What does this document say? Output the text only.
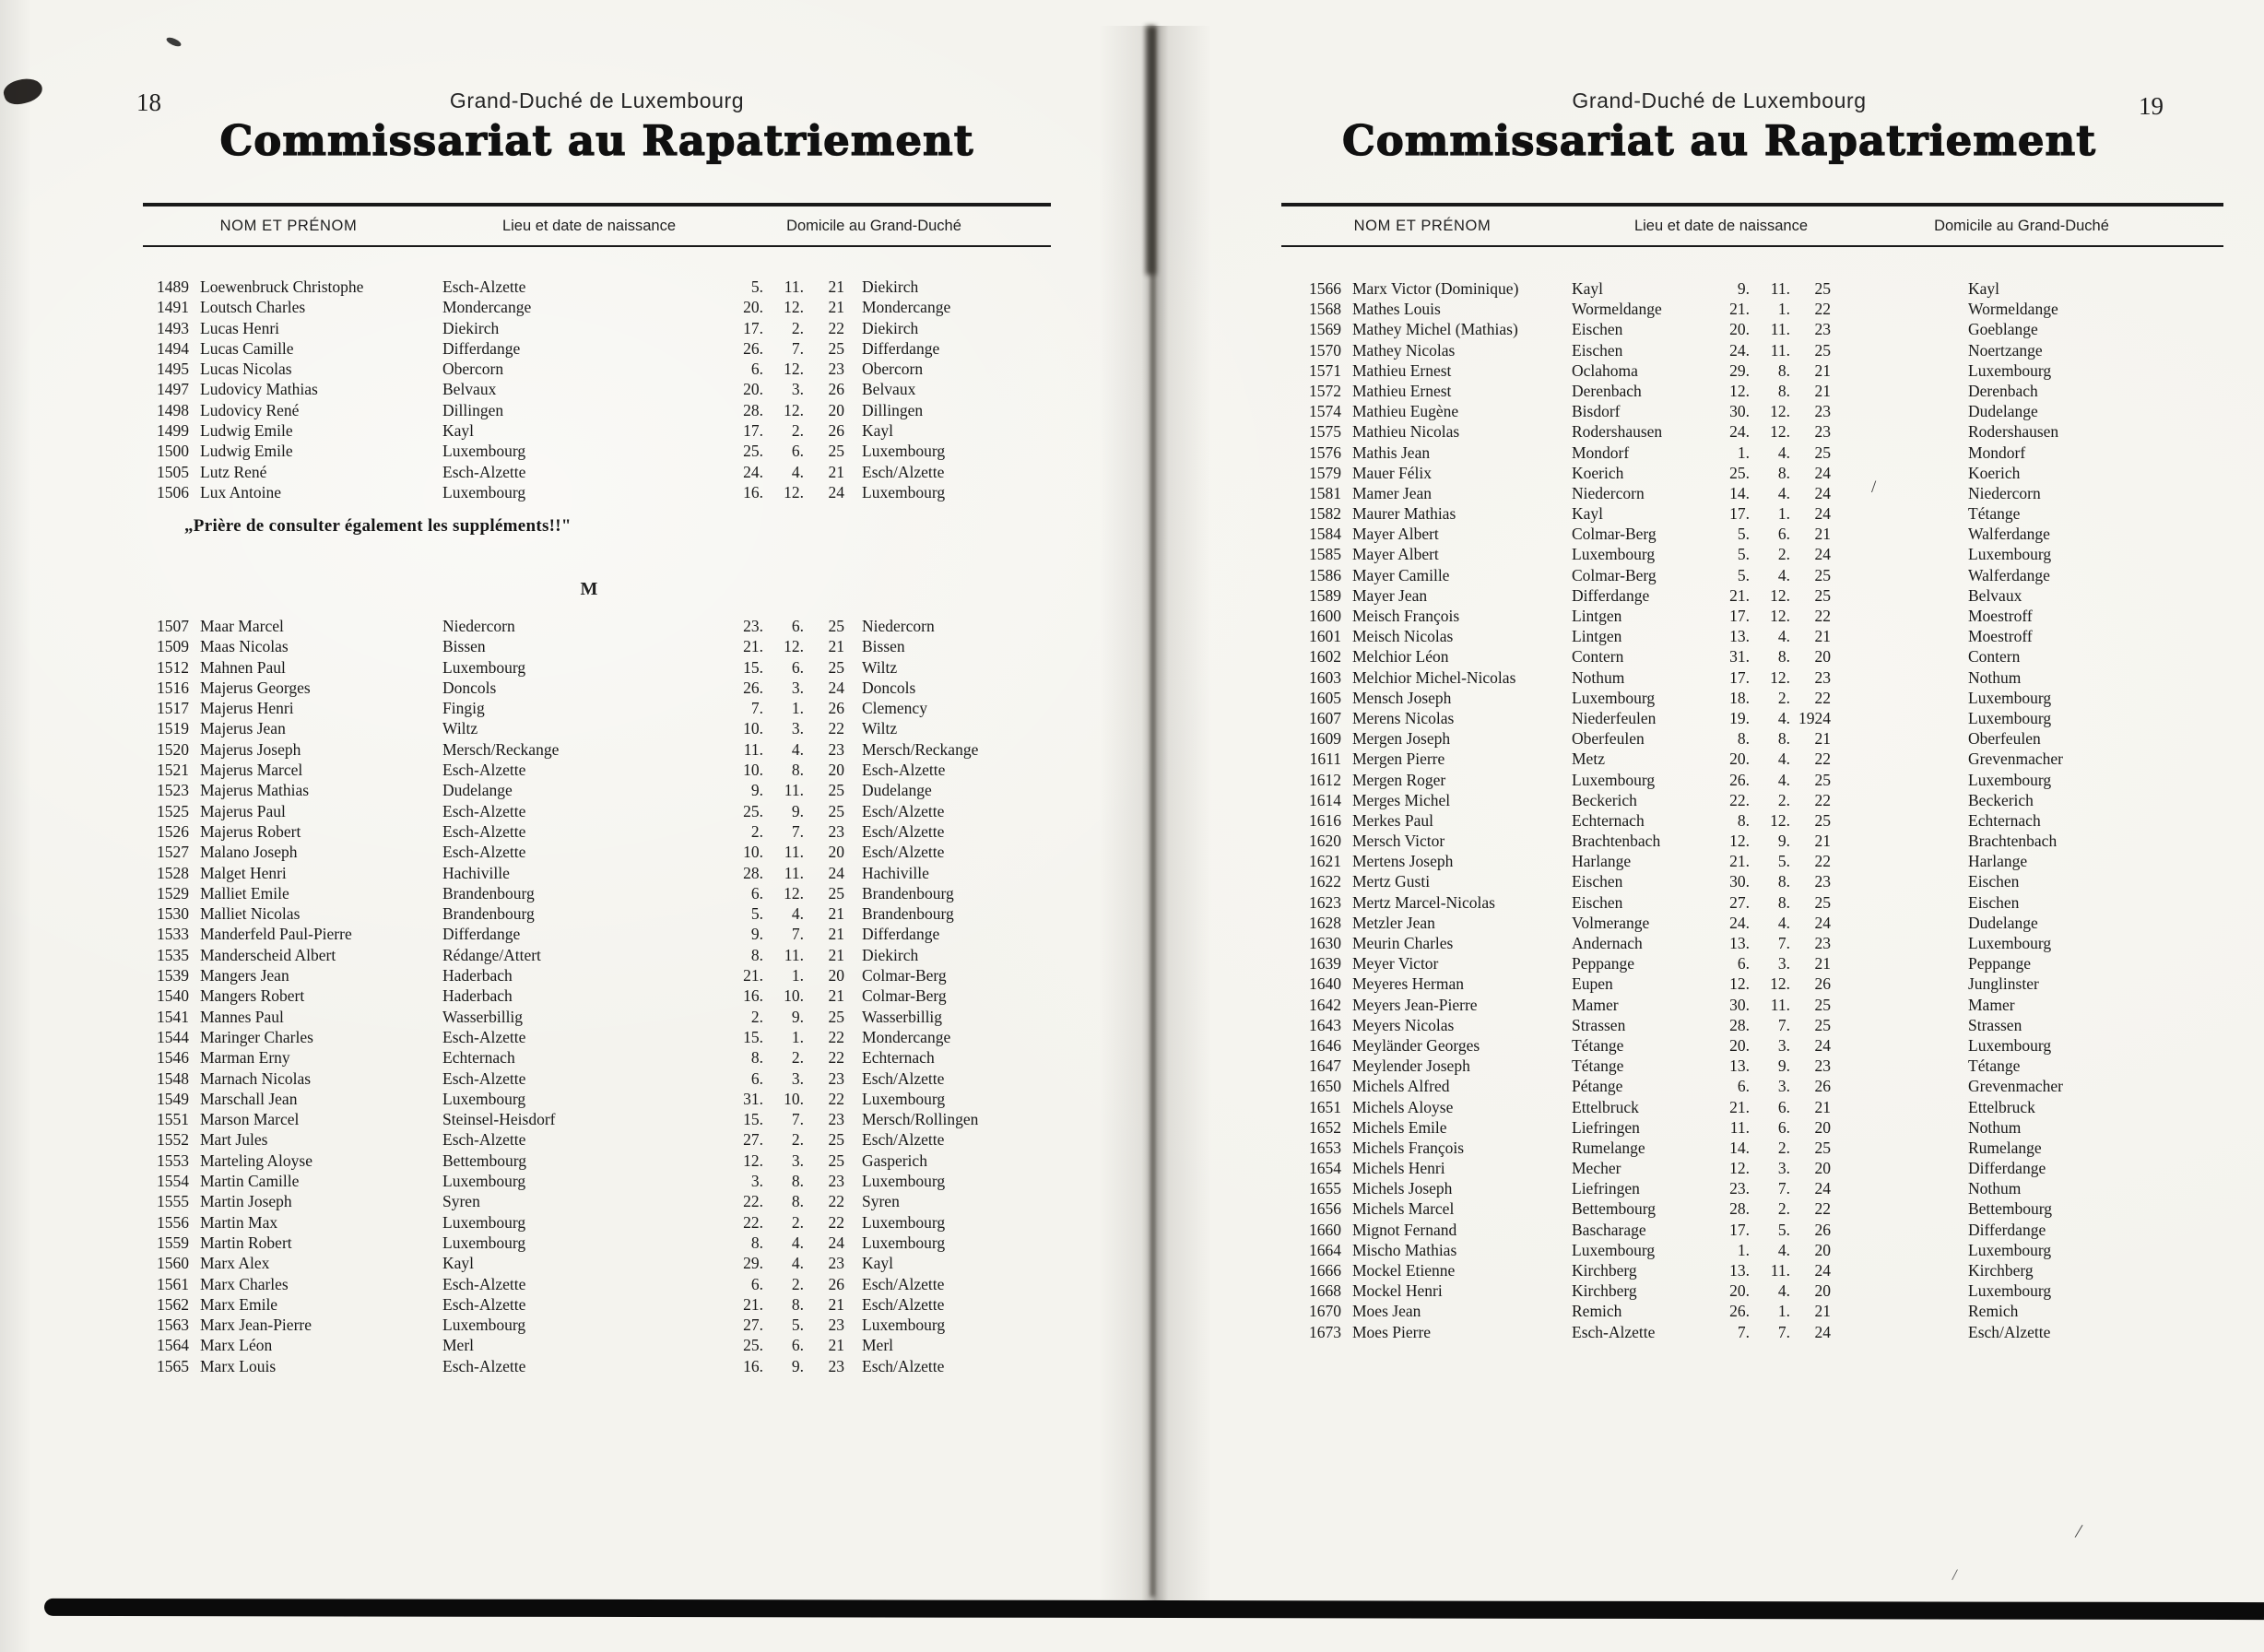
18	Grand-Duché de Luxembourg
Commissariat au Rapatriement
NOM ET PRÉNOM	Lieu et date de naissance	Domicile au Grand-Duché
1489 Loewenbruck Christophe	Esch-Alzette	5.	11.	21	Diekirch
1491 Loutsch Charles	Mondercange	20.	12.	21	Mondercange
1493 Lucas Henri	Diekirch	17.	2.	22	Diekirch
1494 Lucas Camille	Differdange	26.	7.	25	Differdange
1495 Lucas Nicolas	Obercorn	6.	12.	23	Obercorn
1497 Ludovicy Mathias	Belvaux	20.	3.	26	Belvaux
1498 Ludovicy René	Dillingen	28.	12.	20	Dillingen
1499 Ludwig Emile	Kayl	17.	2.	26	Kayl
1500 Ludwig Emile	Luxembourg	25.	6.	25	Luxembourg
1505 Lutz René	Esch-Alzette	24.	4.	21	Esch/Alzette
1506 Lux Antoine	Luxembourg	16.	12.	24	Luxembourg
„Prière de consulter également les suppléments!!"
M
1507 Maar Marcel	Niedercorn	23.	6.	25	Niedercorn
1509 Maas Nicolas	Bissen	21.	12.	21	Bissen
1512 Mahnen Paul	Luxembourg	15.	6.	25	Wiltz
1516 Majerus Georges	Doncols	26.	3.	24	Doncols
1517 Majerus Henri	Fingig	7.	1.	26	Clemency
1519 Majerus Jean	Wiltz	10.	3.	22	Wiltz
1520 Majerus Joseph	Mersch/Reckange	11.	4.	23	Mersch/Reckange
1521 Majerus Marcel	Esch-Alzette	10.	8.	20	Esch-Alzette
1523 Majerus Mathias	Dudelange	9.	11.	25	Dudelange
1525 Majerus Paul	Esch-Alzette	25.	9.	25	Esch/Alzette
1526 Majerus Robert	Esch-Alzette	2.	7.	23	Esch/Alzette
1527 Malano Joseph	Esch-Alzette	10.	11.	20	Esch/Alzette
1528 Malget Henri	Hachiville	28.	11.	24	Hachiville
1529 Malliet Emile	Brandenbourg	6.	12.	25	Brandenbourg
1530 Malliet Nicolas	Brandenbourg	5.	4.	21	Brandenbourg
1533 Manderfeld Paul-Pierre	Differdange	9.	7.	21	Differdange
1535 Manderscheid Albert	Rédange/Attert	8.	11.	21	Diekirch
1539 Mangers Jean	Haderbach	21.	1.	20	Colmar-Berg
1540 Mangers Robert	Haderbach	16.	10.	21	Colmar-Berg
1541 Mannes Paul	Wasserbillig	2.	9.	25	Wasserbillig
1544 Maringer Charles	Esch-Alzette	15.	1.	22	Mondercange
1546 Marman Erny	Echternach	8.	2.	22	Echternach
1548 Marnach Nicolas	Esch-Alzette	6.	3.	23	Esch/Alzette
1549 Marschall Jean	Luxembourg	31.	10.	22	Luxembourg
1551 Marson Marcel	Steinsel-Heisdorf	15.	7.	23	Mersch/Rollingen
1552 Mart Jules	Esch-Alzette	27.	2.	25	Esch/Alzette
1553 Marteling Aloyse	Bettembourg	12.	3.	25	Gasperich
1554 Martin Camille	Luxembourg	3.	8.	23	Luxembourg
1555 Martin Joseph	Syren	22.	8.	22	Syren
1556 Martin Max	Luxembourg	22.	2.	22	Luxembourg
1559 Martin Robert	Luxembourg	8.	4.	24	Luxembourg
1560 Marx Alex	Kayl	29.	4.	23	Kayl
1561 Marx Charles	Esch-Alzette	6.	2.	26	Esch/Alzette
1562 Marx Emile	Esch-Alzette	21.	8.	21	Esch/Alzette
1563 Marx Jean-Pierre	Luxembourg	27.	5.	23	Luxembourg
1564 Marx Léon	Merl	25.	6.	21	Merl
1565 Marx Louis	Esch-Alzette	16.	9.	23	Esch/Alzette
19
Grand-Duché de Luxembourg
Commissariat au Rapatriement
NOM ET PRÉNOM	Lieu et date de naissance	Domicile au Grand-Duché
1566 Marx Victor (Dominique)	Kayl	9.	11.	25	Kayl
1568 Mathes Louis	Wormeldange	21.	1.	22	Wormeldange
1569 Mathey Michel (Mathias)	Eischen	20.	11.	23	Goeblange
1570 Mathey Nicolas	Eischen	24.	11.	25	Noertzange
1571 Mathieu Ernest	Oclahoma	29.	8.	21	Luxembourg
1572 Mathieu Ernest	Derenbach	12.	8.	21	Derenbach
1574 Mathieu Eugène	Bisdorf	30.	12.	23	Dudelange
1575 Mathieu Nicolas	Rodershausen	24.	12.	23	Rodershausen
1576 Mathis Jean	Mondorf	1.	4.	25	Mondorf
1579 Mauer Félix	Koerich	25.	8.	24	Koerich
1581 Mamer Jean	Niedercorn	14.	4.	24	Niedercorn
1582 Maurer Mathias	Kayl	17.	1.	24	Tétange
1584 Mayer Albert	Colmar-Berg	5.	6.	21	Walferdange
1585 Mayer Albert	Luxembourg	5.	2.	24	Luxembourg
1586 Mayer Camille	Colmar-Berg	5.	4.	25	Walferdange
1589 Mayer Jean	Differdange	21.	12.	25	Belvaux
1600 Meisch François	Lintgen	17.	12.	22	Moestroff
1601 Meisch Nicolas	Lintgen	13.	4.	21	Moestroff
1602 Melchior Léon	Contern	31.	8.	20	Contern
1603 Melchior Michel-Nicolas	Nothum	17.	12.	23	Nothum
1605 Mensch Joseph	Luxembourg	18.	2.	22	Luxembourg
1607 Merens Nicolas	Niederfeulen	19.	4. 1924	Luxembourg
1609 Mergen Joseph	Oberfeulen	8.	8.	21	Oberfeulen
1611 Mergen Pierre	Metz	20.	4.	22	Grevenmacher
1612 Mergen Roger	Luxembourg	26.	4.	25	Luxembourg
1614 Merges Michel	Beckerich	22.	2.	22	Beckerich
1616 Merkes Paul	Echternach	8.	12.	25	Echternach
1620 Mersch Victor	Brachtenbach	12.	9.	21	Brachtenbach
1621 Mertens Joseph	Harlange	21.	5.	22	Harlange
1622 Mertz Gusti	Eischen	30.	8.	23	Eischen
1623 Mertz Marcel-Nicolas	Eischen	27.	8.	25	Eischen
1628 Metzler Jean	Volmerange	24.	4.	24	Dudelange
1630 Meurin Charles	Andernach	13.	7.	23	Luxembourg
1639 Meyer Victor	Peppange	6.	3.	21	Peppange
1640 Meyeres Herman	Eupen	12.	12.	26	Junglinster
1642 Meyers Jean-Pierre	Mamer	30.	11.	25	Mamer
1643 Meyers Nicolas	Strassen	28.	7.	25	Strassen
1646 Meyländer Georges	Tétange	20.	3.	24	Luxembourg
1647 Meylender Joseph	Tétange	13.	9.	23	Tétange
1650 Michels Alfred	Pétange	6.	3.	26	Grevenmacher
1651 Michels Aloyse	Ettelbruck	21.	6.	21	Ettelbruck
1652 Michels Emile	Liefringen	11.	6.	20	Nothum
1653 Michels François	Rumelange	14.	2.	25	Rumelange
1654 Michels Henri	Mecher	12.	3.	20	Differdange
1655 Michels Joseph	Liefringen	23.	7.	24	Nothum
1656 Michels Marcel	Bettembourg	28.	2.	22	Bettembourg
1660 Mignot Fernand	Bascharage	17.	5.	26	Differdange
1664 Mischo Mathias	Luxembourg	1.	4.	20	Luxembourg
1666 Mockel Etienne	Kirchberg	13.	11.	24	Kirchberg
1668 Mockel Henri	Kirchberg	20.	4.	20	Luxembourg
1670 Moes Jean	Remich	26.	1.	21	Remich
1673 Moes Pierre	Esch-Alzette	7.	7.	24	Esch/Alzette
/
/
/
